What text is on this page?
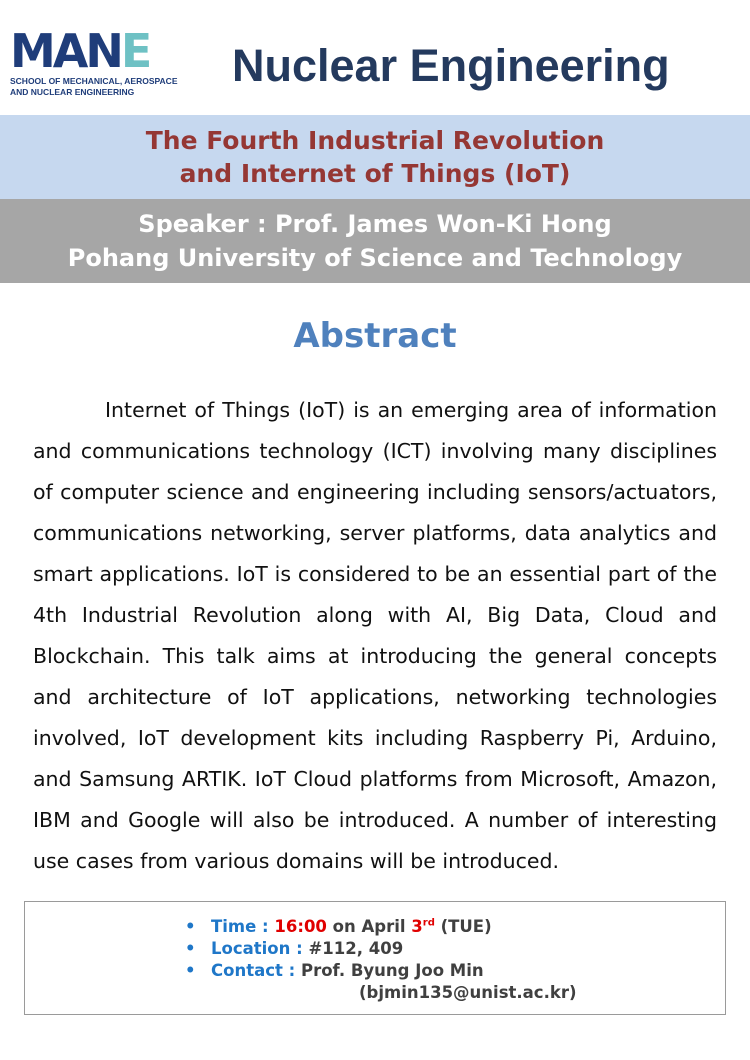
MANE
SCHOOL OF MECHANICAL, AEROSPACE
AND NUCLEAR ENGINEERING
Nuclear Engineering
The Fourth Industrial Revolution
and Internet of Things (IoT)
Speaker : Prof. James Won-Ki Hong
Pohang University of Science and Technology
Abstract

Internet of Things (IoT) is an emerging area of information and communications technology (ICT) involving many disciplines of computer science and engineering including sensors/actuators, communications networking, server platforms, data analytics and smart applications. IoT is considered to be an essential part of the 4th Industrial Revolution along with AI, Big Data, Cloud and Blockchain. This talk aims at introducing the general concepts and architecture of IoT applications, networking technologies involved, IoT development kits including Raspberry Pi, Arduino, and Samsung ARTIK. IoT Cloud platforms from Microsoft, Amazon, IBM and Google will also be introduced. A number of interesting use cases from various domains will be introduced.

• Time : 16:00 on April 3rd (TUE)
• Location : #112, 409
• Contact : Prof. Byung Joo Min
(bjmin135@unist.ac.kr)
